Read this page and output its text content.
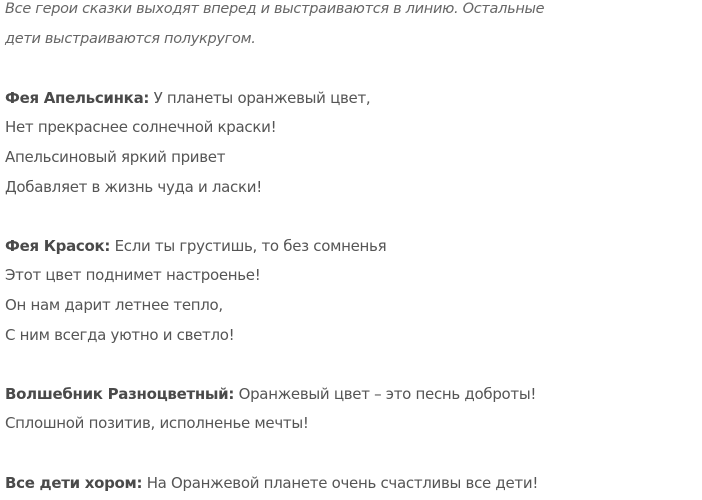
Все герои сказки выходят вперед и выстраиваются в линию. Остальные

дети выстраиваются полукругом.

Фея Апельсинка: У планеты оранжевый цвет,

Нет прекраснее солнечной краски!

Апельсиновый яркий привет

Добавляет в жизнь чуда и ласки!

Фея Красок: Если ты грустишь, то без сомненья

Этот цвет поднимет настроенье!

Он нам дарит летнее тепло,

С ним всегда уютно и светло!

Волшебник Разноцветный: Оранжевый цвет – это песнь доброты!

Сплошной позитив, исполненье мечты!

Все дети хором: На Оранжевой планете очень счастливы все дети!
